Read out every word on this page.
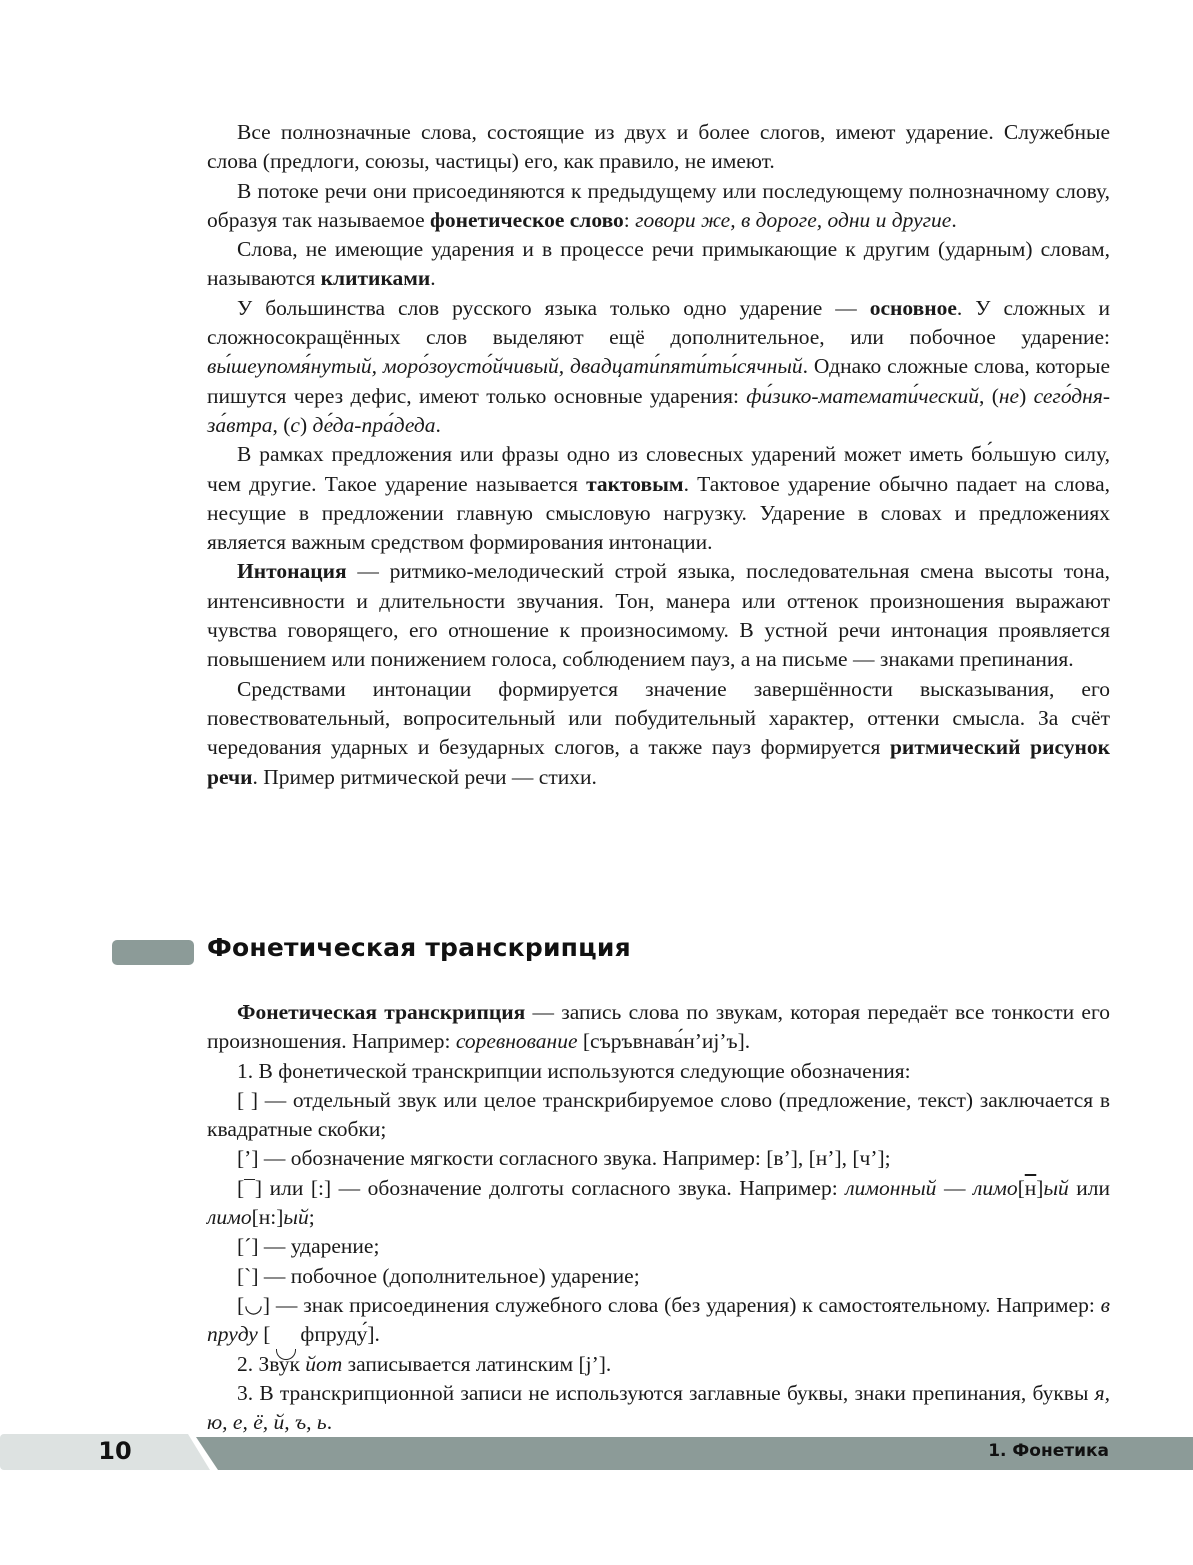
Все полнозначные слова, состоящие из двух и более слогов, имеют ударение. Служебные слова (предлоги, союзы, частицы) его, как правило, не имеют.

В потоке речи они присоединяются к предыдущему или последующему полнозначному слову, образуя так называемое фонетическое слово: говори же, в дороге, одни и другие.

Слова, не имеющие ударения и в процессе речи примыкающие к другим (ударным) словам, называются клитиками.

У большинства слов русского языка только одно ударение — основное. У сложных и сложносокращённых слов выделяют ещё дополнительное, или побочное ударение: вы́шеупомя́нутый, моро́зоусто́йчивый, двадцати́пяти́ты́сячный. Однако сложные слова, которые пишутся через дефис, имеют только основные ударения: фи́зико-математи́ческий, (не) сего́дня-за́втра, (с) де́да-пра́деда.

В рамках предложения или фразы одно из словесных ударений может иметь бо́льшую силу, чем другие. Такое ударение называется тактовым. Тактовое ударение обычно падает на слова, несущие в предложении главную смысловую нагрузку. Ударение в словах и предложениях является важным средством формирования интонации.

Интонация — ритмико-мелодический строй языка, последовательная смена высоты тона, интенсивности и длительности звучания. Тон, манера или оттенок произношения выражают чувства говорящего, его отношение к произносимому. В устной речи интонация проявляется повышением или понижением голоса, соблюдением пауз, а на письме — знаками препинания.

Средствами интонации формируется значение завершённости высказывания, его повествовательный, вопросительный или побудительный характер, оттенки смысла. За счёт чередования ударных и безударных слогов, а также пауз формируется ритмический рисунок речи. Пример ритмической речи — стихи.

Фонетическая транскрипция

Фонетическая транскрипция — запись слова по звукам, которая передаёт все тонкости его произношения. Например: соревнование [съръвнава́н’иj’ъ].

1. В фонетической транскрипции используются следующие обозначения:

[ ] — отдельный звук или целое транскрибируемое слово (предложение, текст) заключается в квадратные скобки;

[’] — обозначение мягкости согласного звука. Например: [в’], [н’], [ч’];

[¯] или [:] — обозначение долготы согласного звука. Например: лимонный — лимо[н]ый или лимо[н:]ый;

[´] — ударение;

[`] — побочное (дополнительное) ударение;

[◡] — знак присоединения служебного слова (без ударения) к самостоятельному. Например: в пруду [ фпруду́].

2. Звук йот записывается латинским [j’].

3. В транскрипционной записи не используются заглавные буквы, знаки препинания, буквы я, ю, е, ё, й, ъ, ь.

10	1. Фонетика
